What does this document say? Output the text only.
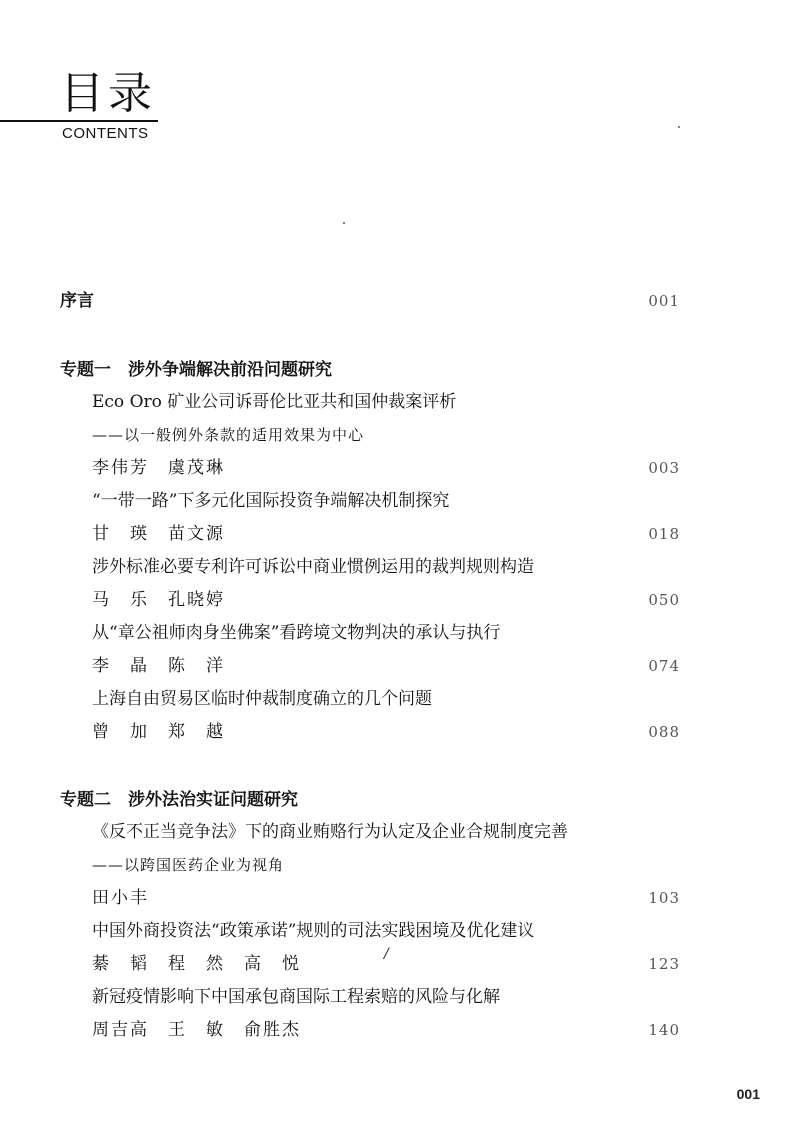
目录
CONTENTS
序言	001
专题一　涉外争端解决前沿问题研究
Eco Oro 矿业公司诉哥伦比亚共和国仲裁案评析
——以一般例外条款的适用效果为中心
李伟芳　虞茂琳	003
“一带一路”下多元化国际投资争端解决机制探究
甘　瑛　苗文源	018
涉外标准必要专利许可诉讼中商业惯例运用的裁判规则构造
马　乐　孔晓婷	050
从“章公祖师肉身坐佛案”看跨境文物判决的承认与执行
李　晶　陈　洋	074
上海自由贸易区临时仲裁制度确立的几个问题
曾　加　郑　越	088
专题二　涉外法治实证问题研究
《反不正当竞争法》下的商业贿赂行为认定及企业合规制度完善
——以跨国医药企业为视角
田小丰	103
中国外商投资法“政策承诺”规则的司法实践困境及优化建议
綦　韬　程　然　高　悦	123
/
新冠疫情影响下中国承包商国际工程索赔的风险与化解
周吉高　王　敏　俞胜杰	140
001
